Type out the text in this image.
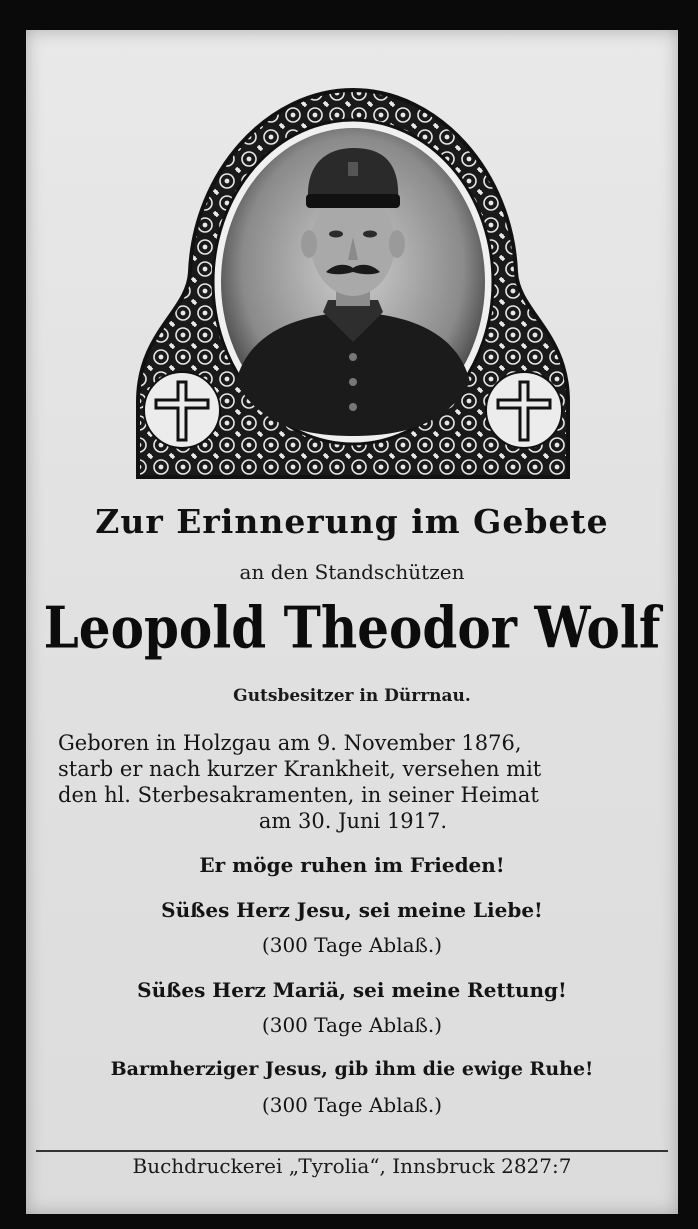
Zur Erinnerung im Gebete
an den Standschützen
Leopold Theodor Wolf
Gutsbesitzer in Dürrnau.
Geboren in Holzgau am 9. November 1876,
starb er nach kurzer Krankheit, versehen mit
den hl. Sterbesakramenten, in seiner Heimat
am 30. Juni 1917.
Er möge ruhen im Frieden!
Süßes Herz Jesu, sei meine Liebe!
(300 Tage Ablaß.)
Süßes Herz Mariä, sei meine Rettung!
(300 Tage Ablaß.)
Barmherziger Jesus, gib ihm die ewige Ruhe!
(300 Tage Ablaß.)
Buchdruckerei „Tyrolia“, Innsbruck 2827:7
